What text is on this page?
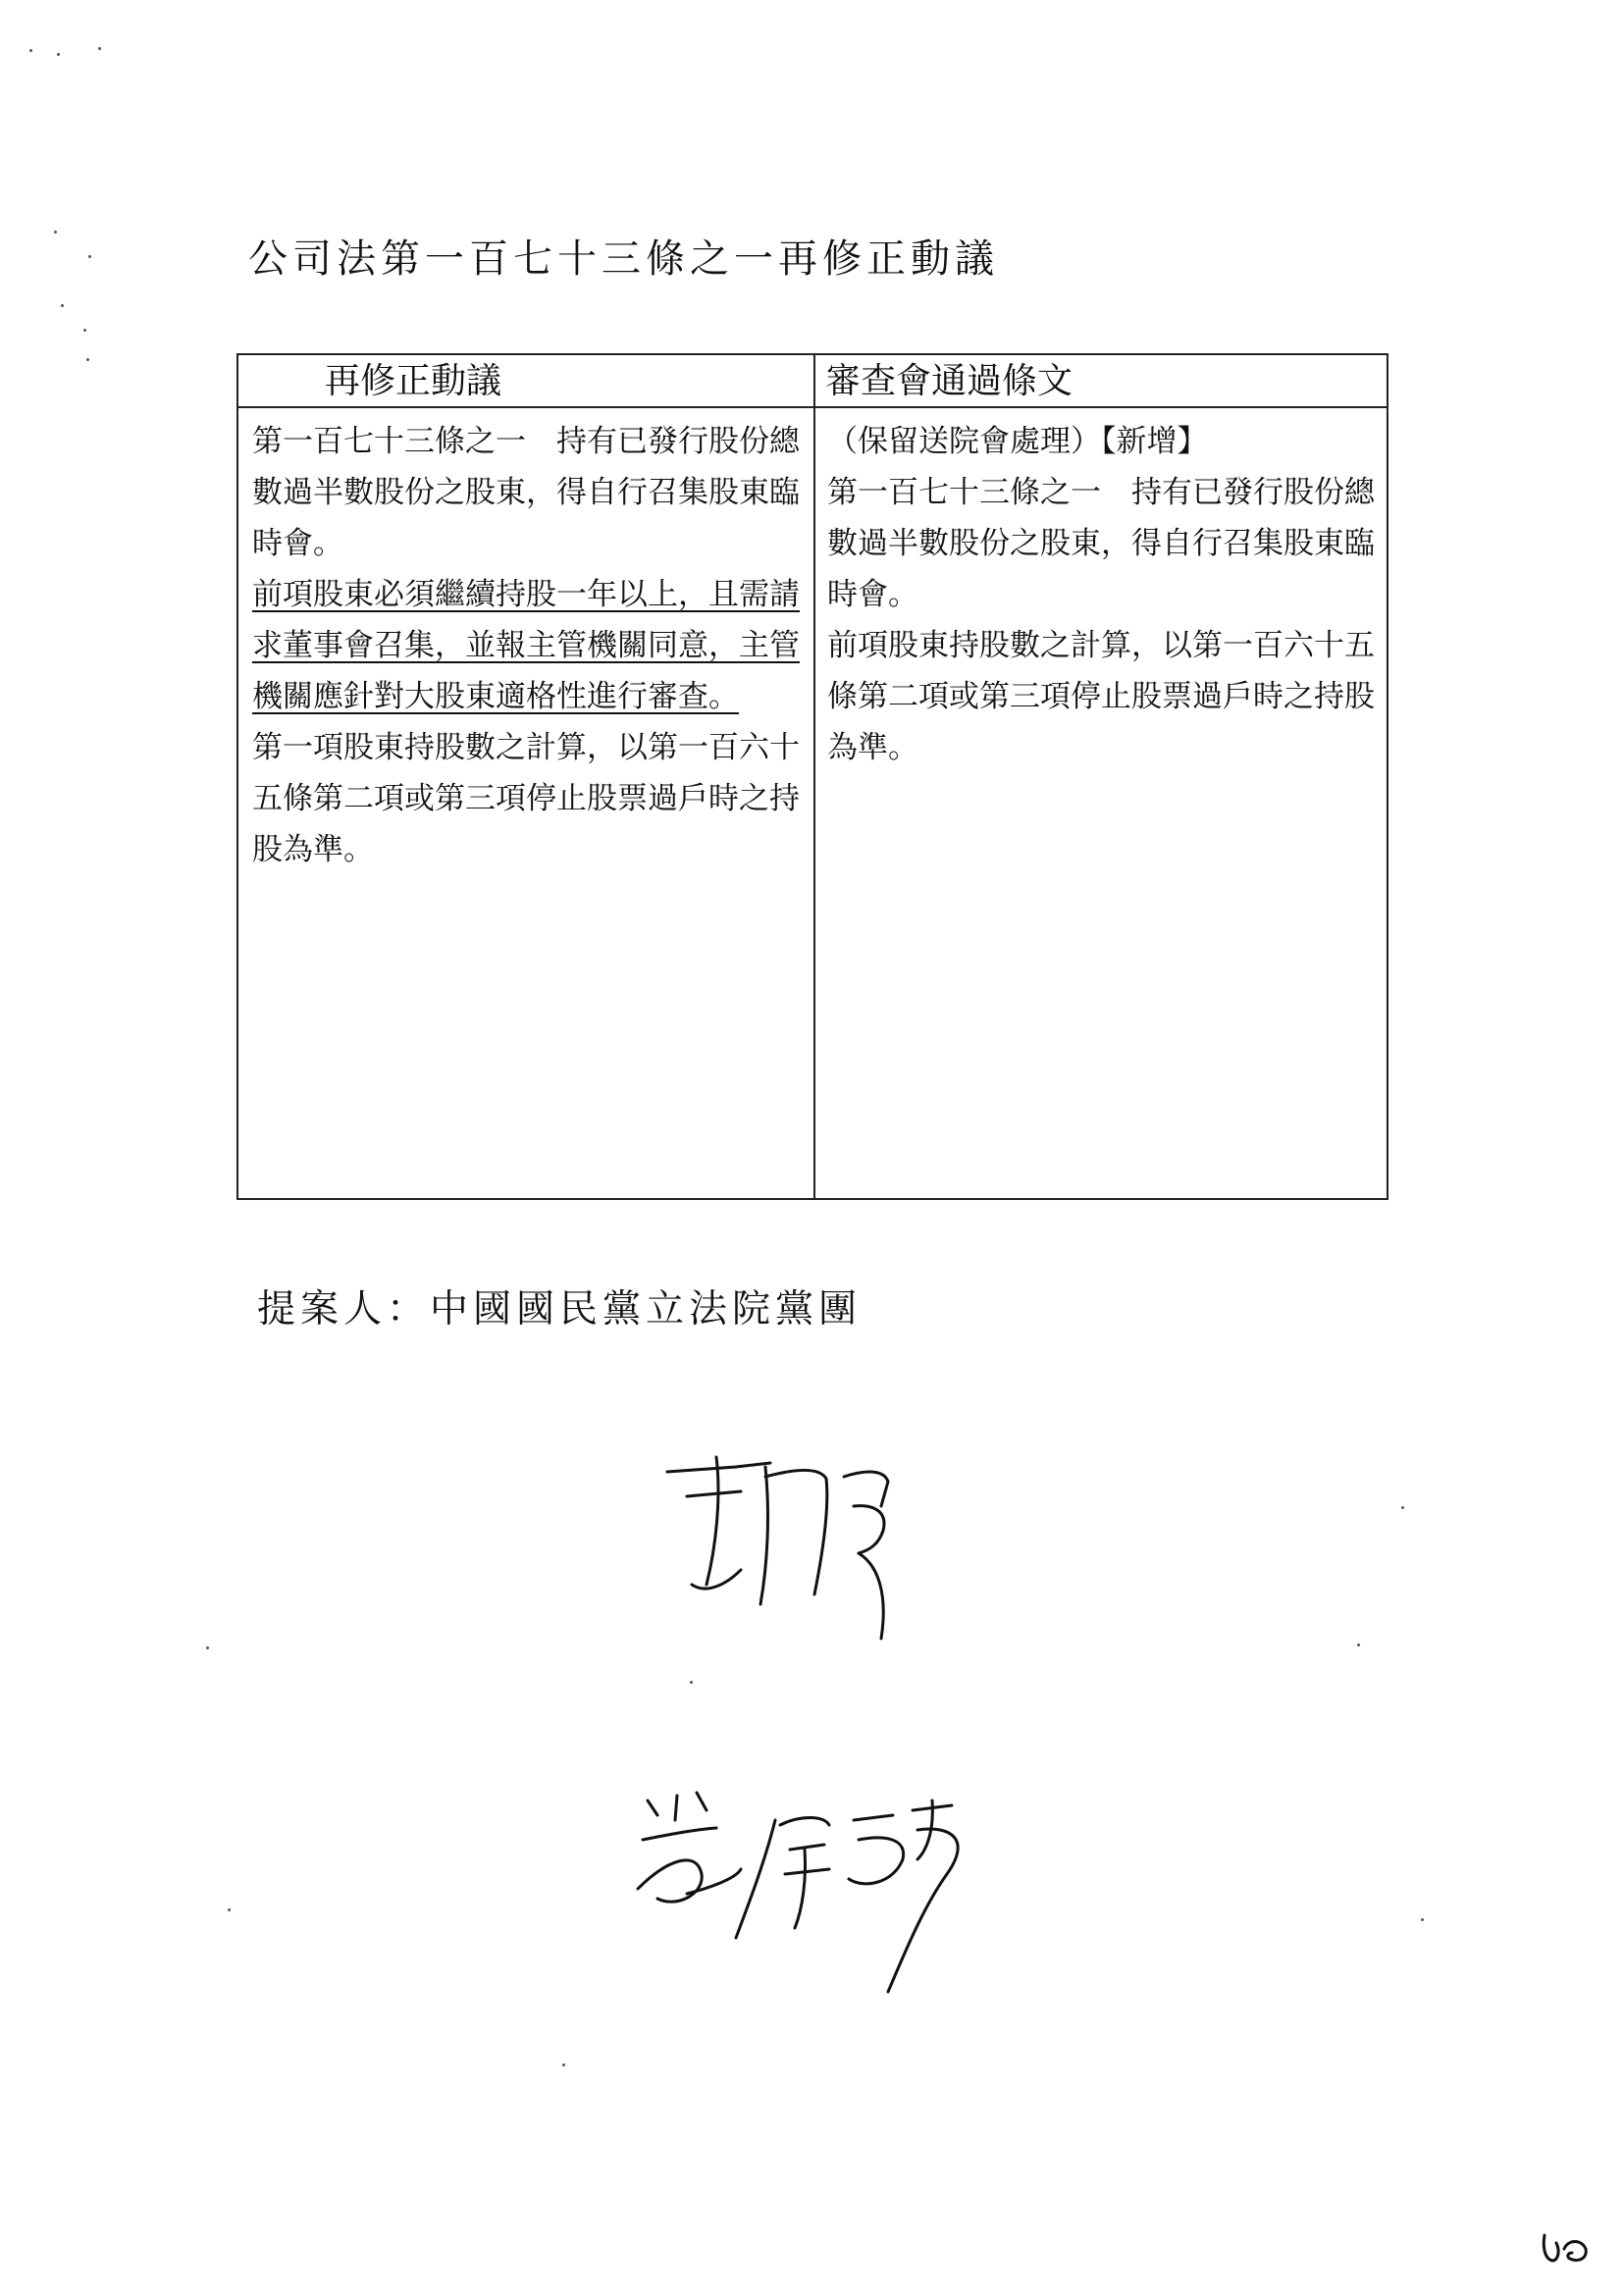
公司法第一百七十三條之一再修正動議
再修正動議	審查會通過條文

第一百七十三條之一　持有已發行股份總數過半數股份之股東，得自行召集股東臨時會。

前項股東必須繼續持股一年以上，且需請求董事會召集，並報主管機關同意，主管機關應針對大股東適格性進行審查。

第一項股東持股數之計算，以第一百六十五條第二項或第三項停止股票過戶時之持股為準。

（保留送院會處理）【新增】

第一百七十三條之一　持有已發行股份總數過半數股份之股東，得自行召集股東臨時會。

前項股東持股數之計算，以第一百六十五條第二項或第三項停止股票過戶時之持股為準。

提案人：中國國民黨立法院黨團
